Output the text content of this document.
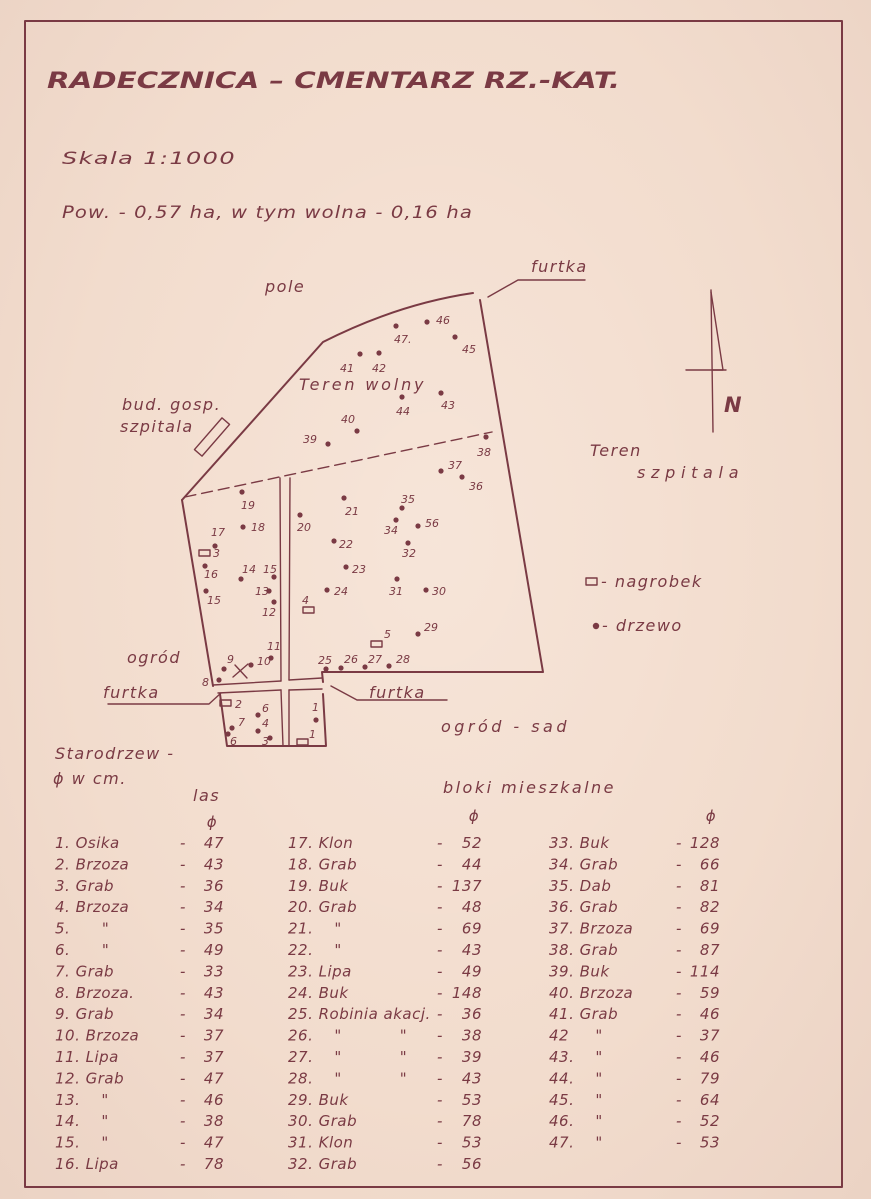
RADECZNICA – CMENTARZ RZ.-KAT.
Skala 1:1000
Pow. - 0,57 ha, w tym wolna - 0,16 ha
bud. gosp.
szpitala
pole
Teren wolny
Teren
szpitala
ogród
ogród - sad
las	bloki mieszkalne
furtka
furtka	furtka
N
- nagrobek
- drzewo
46
47.
45
41 42
44	43
40
39
38
37
36
19	21
35
18
17	20	34
56
22
3	32
16 14 15	23
13	24	31	30
15	4
12
29
5
11
9 10	25 26 27 28
8
2 6
7 4
6 3
1
1
Starodrzew -
ϕ w cm.
ϕ	ϕ	ϕ
1. Osika	- 47
2. Brzoza	- 43
3. Grab	- 36
4. Brzoza	- 34
5.      "	- 35
6.      "	- 49
7. Grab	- 33
8. Brzoza.	- 43
9. Grab	- 34
10. Brzoza	- 37
11. Lipa	- 37
12. Grab	- 47
13.    "	- 46
14.    "	- 38
15.    "	- 47
16. Lipa	- 78
17. Klon	- 52
18. Grab	- 44
19. Buk	- 137
20. Grab	- 48
21.    "	- 69
22.    "	- 43
23. Lipa	- 49
24. Buk	- 148
25. Robinia akacj. - 36
26.    "           " - 38
27.    "           " - 39
28.    "           " - 43
29. Buk	- 53
30. Grab	- 78
31. Klon	- 53
32. Grab	- 56
33. Buk	- 128
34. Grab	- 66
35. Dab	- 81
36. Grab	- 82
37. Brzoza	- 69
38. Grab	- 87
39. Buk	- 114
40. Brzoza	- 59
41. Grab	- 46
42     "	- 37
43.    "	- 46
44.    "	- 79
45.    "	- 64
46.    "	- 52
47.    "	- 53
